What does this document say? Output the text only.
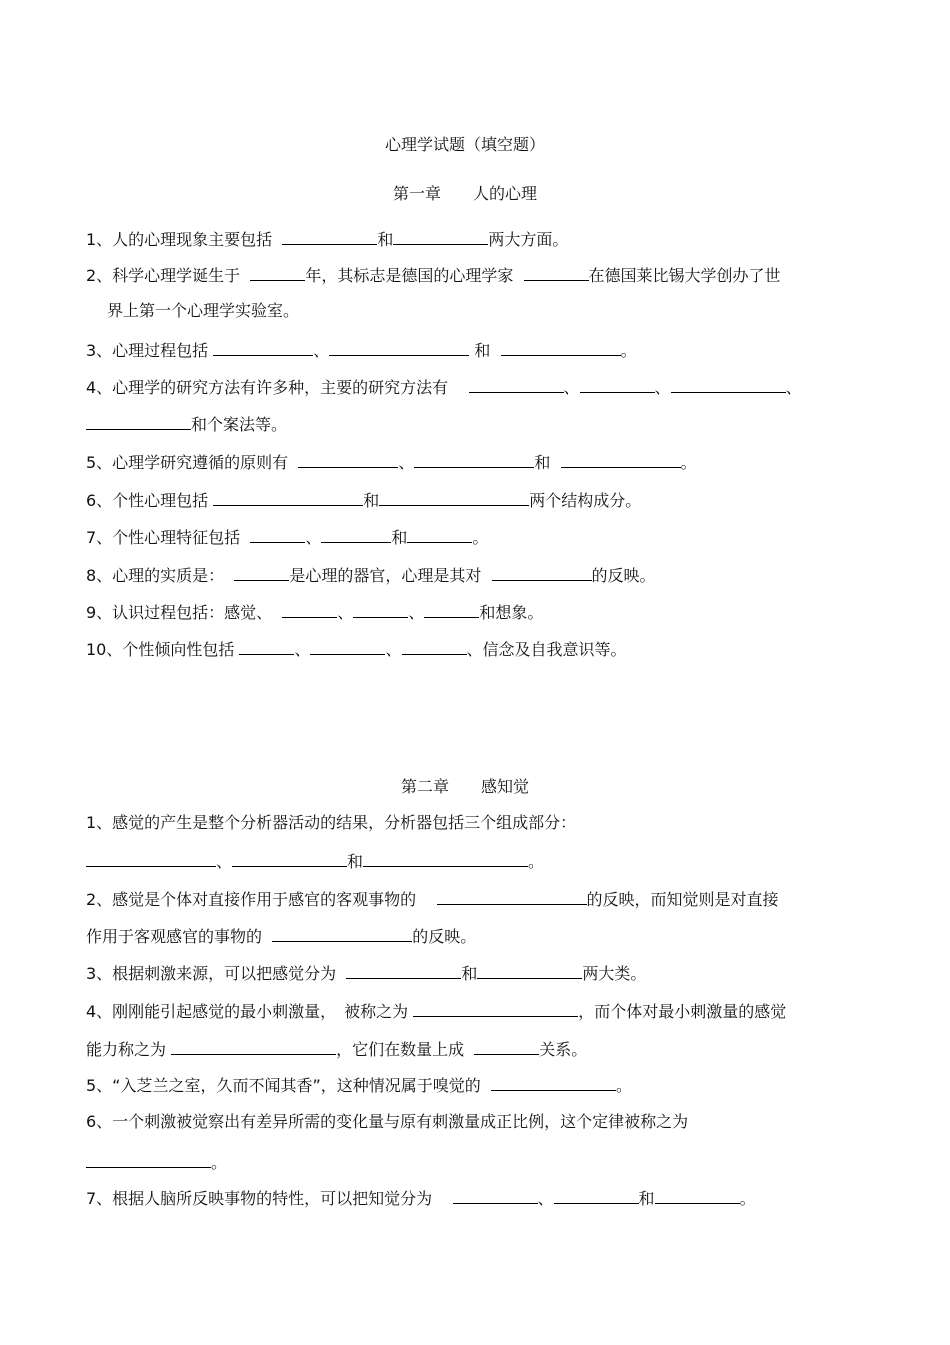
心理学试题（填空题）
第一章　　人的心理
1、人的心理现象主要包括	和	两大方面。
2、科学心理学诞生于	年，其标志是德国的心理学家	在德国莱比锡大学创办了世
界上第一个心理学实验室。
3、心理过程包括	、	和	。
4、心理学的研究方法有许多种，主要的研究方法有	、	、	、
和个案法等。
5、心理学研究遵循的原则有	、	和	。
6、个性心理包括	和	两个结构成分。
7、个性心理特征包括	、	和	。
8、心理的实质是：	是心理的器官，心理是其对	的反映。
9、认识过程包括：感觉、	、	、	和想象。
10、个性倾向性包括	、	、	、信念及自我意识等。
第二章　　感知觉
1、感觉的产生是整个分析器活动的结果，分析器包括三个组成部分：
、	和	。
2、感觉是个体对直接作用于感官的客观事物的	的反映，而知觉则是对直接
作用于客观感官的事物的	的反映。
3、根据刺激来源，可以把感觉分为	和	两大类。
4、刚刚能引起感觉的最小刺激量，　被称之为	，而个体对最小刺激量的感觉
能力称之为	，它们在数量上成	关系。
5、“入芝兰之室，久而不闻其香”，这种情况属于嗅觉的	。
6、一个刺激被觉察出有差异所需的变化量与原有刺激量成正比例，这个定律被称之为
。
7、根据人脑所反映事物的特性，可以把知觉分为	、	和	。
